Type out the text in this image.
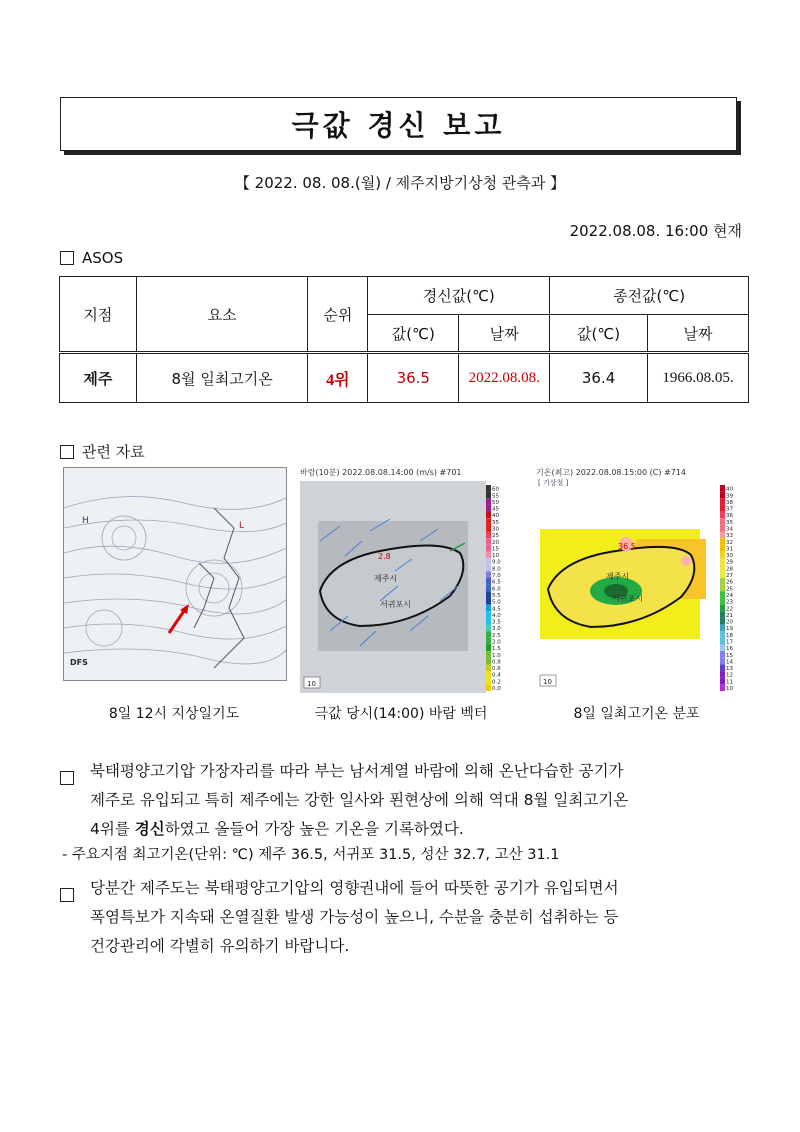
극값 경신 보고
【 2022. 08. 08.(월) / 제주지방기상청 관측과 】
2022.08.08. 16:00 현재
ASOS
지점	요소	순위	경신값(℃)		종전값(℃)	
			값(℃)	날짜	값(℃)	날짜
제주	8월 일최고기온	4위	36.5	2022.08.08.	36.4	1966.08.05.
관련 자료
H	L
DFS
8일 12시 지상일기도
바람(10분) 2022.08.08.14:00 (m/s) #701
2.8
제주시
서귀포시
10
60
55
50
45
40
35
30
25
20
15
10
9.0
8.0
7.0
6.5
6.0
5.5
5.0
4.5
4.0
3.5
3.0
2.5
2.0
1.5
1.0
0.8
0.6
0.4
0.2
0.0
극값 당시(14:00) 바람 벡터
기온(최고) 2022.08.08.15:00 (C) #714
[ 기상청 ]
36.5
제주시
서귀포시
10
40
39
38
37
36
35
34
33
32
31
30
29
28
27
26
25
24
23
22
21
20
19
18
17
16
15
14
13
12
11
10
8일 일최고기온 분포
북태평양고기압 가장자리를 따라 부는 남서계열 바람에 의해 온난다습한 공기가
제주로 유입되고 특히 제주에는 강한 일사와 푄현상에 의해 역대 8월 일최고기온
4위를 경신하였고 올들어 가장 높은 기온을 기록하였다.
- 주요지점 최고기온(단위: ℃) 제주 36.5, 서귀포 31.5, 성산 32.7, 고산 31.1
당분간 제주도는 북태평양고기압의 영향권내에 들어 따뜻한 공기가 유입되면서
폭염특보가 지속돼 온열질환 발생 가능성이 높으니, 수분을 충분히 섭취하는 등
건강관리에 각별히 유의하기 바랍니다.
